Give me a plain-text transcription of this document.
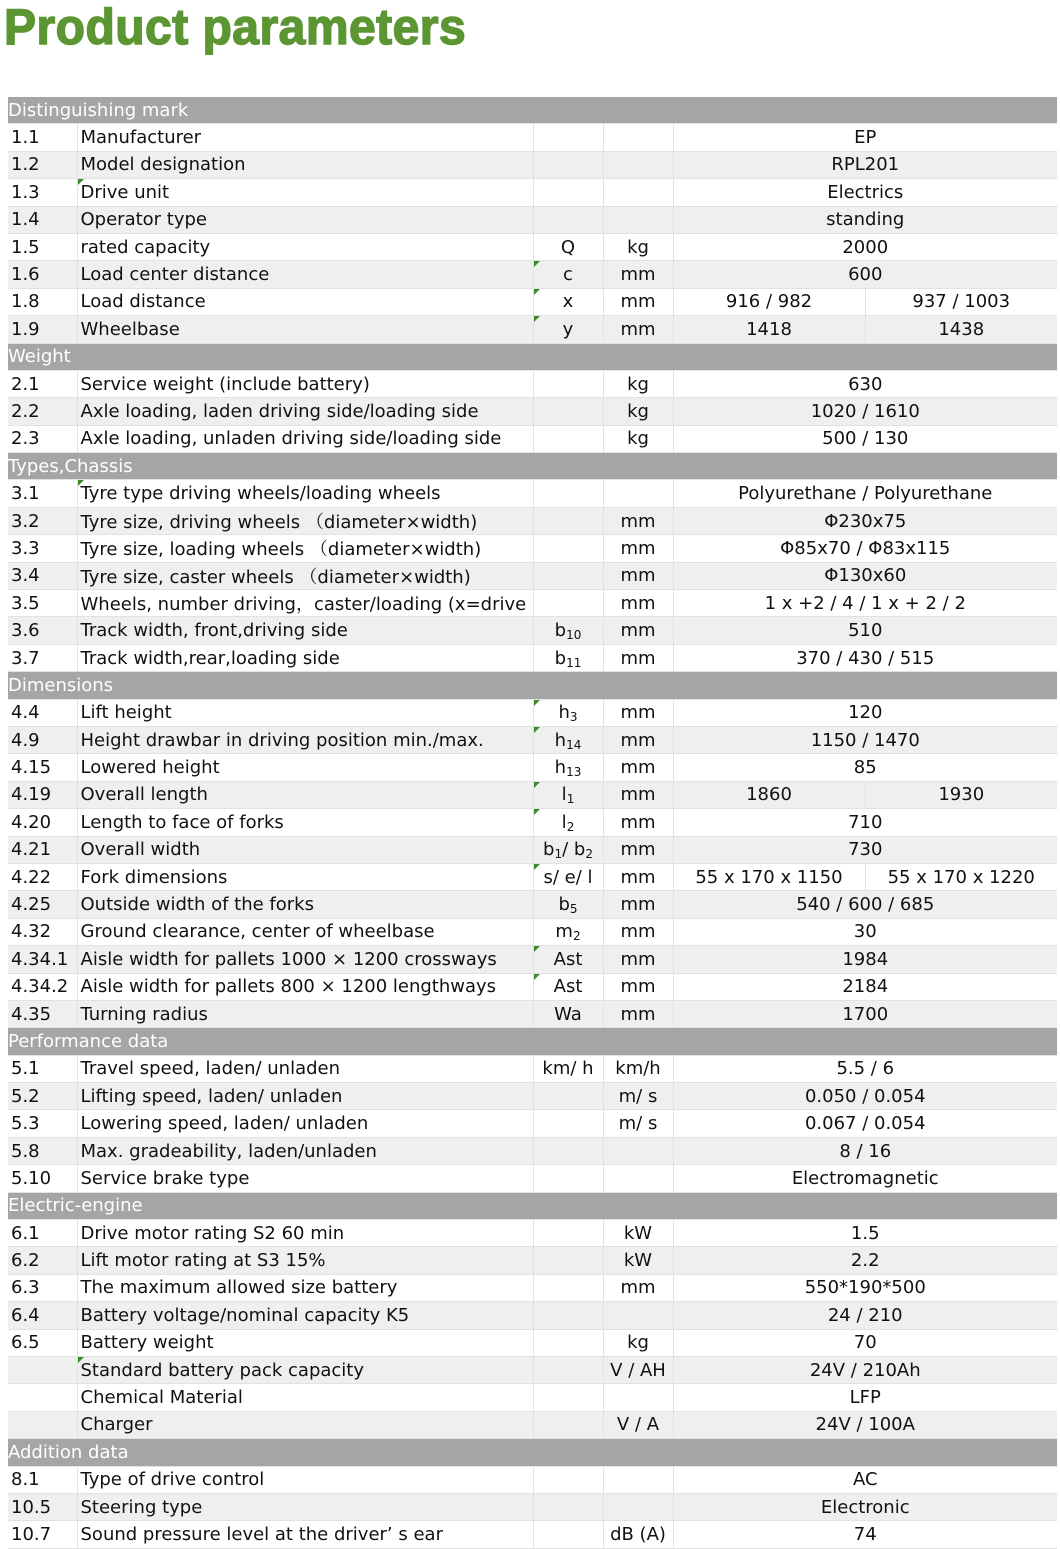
Product parameters
Distinguishing mark					
1.1	Manufacturer			EP	
1.2	Model designation			RPL201	
1.3	Drive unit			Electrics	
1.4	Operator type			standing	
1.5	rated capacity	Q	kg	2000	
1.6	Load center distance	c	mm	600	
1.8	Load distance	x	mm	916 / 982	937 / 1003
1.9	Wheelbase	y	mm	1418	1438
Weight					
2.1	Service weight (include battery)		kg	630	
2.2	Axle loading, laden driving side/loading side		kg	1020 / 1610	
2.3	Axle loading, unladen driving side/loading side		kg	500 / 130	
Types,Chassis					
3.1	Tyre type driving wheels/loading wheels			Polyurethane / Polyurethane	
3.2	Tyre size, driving wheels （diameter×width)		mm	Φ230x75	
3.3	Tyre size, loading wheels （diameter×width)		mm	Φ85x70 / Φ83x115	
3.4	Tyre size, caster wheels （diameter×width)		mm	Φ130x60	
3.5	Wheels, number driving，caster/loading (x=drive		mm	1 x +2 / 4 / 1 x + 2 / 2	
3.6	Track width, front,driving side	$b_{10}$	mm	510	
3.7	Track width,rear,loading side	$b_{11}$	mm	370 / 430 / 515	
Dimensions					
4.4	Lift height	$h_3$	mm	120	
4.9	Height drawbar in driving position min./max.	$h_{14}$	mm	1150 / 1470	
4.15	Lowered height	$h_{13}$	mm	85	
4.19	Overall length	$l_1$	mm	1860	1930
4.20	Length to face of forks	$l_2$	mm	710	
4.21	Overall width	$b_1/$ $b_2$	mm	730	
4.22	Fork dimensions	s/ e/ l	mm	55 x 170 x 1150	55 x 170 x 1220
4.25	Outside width of the forks	$b_5$	mm	540 / 600 / 685	
4.32	Ground clearance, center of wheelbase	$m_2$	mm	30	
4.34.1	Aisle width for pallets 1000 × 1200 crossways	Ast	mm	1984	
4.34.2	Aisle width for pallets 800 × 1200 lengthways	Ast	mm	2184	
4.35	Turning radius	Wa	mm	1700	
Performance data					
5.1	Travel speed, laden/ unladen	km/ h	km/h	5.5 / 6	
5.2	Lifting speed, laden/ unladen		m/ s	0.050 / 0.054	
5.3	Lowering speed, laden/ unladen		m/ s	0.067 / 0.054	
5.8	Max. gradeability, laden/unladen			8 / 16	
5.10	Service brake type			Electromagnetic	
Electric-engine					
6.1	Drive motor rating S2 60 min		kW	1.5	
6.2	Lift motor rating at S3 15%		kW	2.2	
6.3	The maximum allowed size battery		mm	550*190*500	
6.4	Battery voltage/nominal capacity K5			24 / 210	
6.5	Battery weight		kg	70	
	Standard battery pack capacity		V / AH	24V / 210Ah	
	Chemical Material			LFP	
	Charger		V / A	24V / 100A	
Addition data					
8.1	Type of drive control			AC	
10.5	Steering type			Electronic	
10.7	Sound pressure level at the driver’ s ear		dB (A)	74	
